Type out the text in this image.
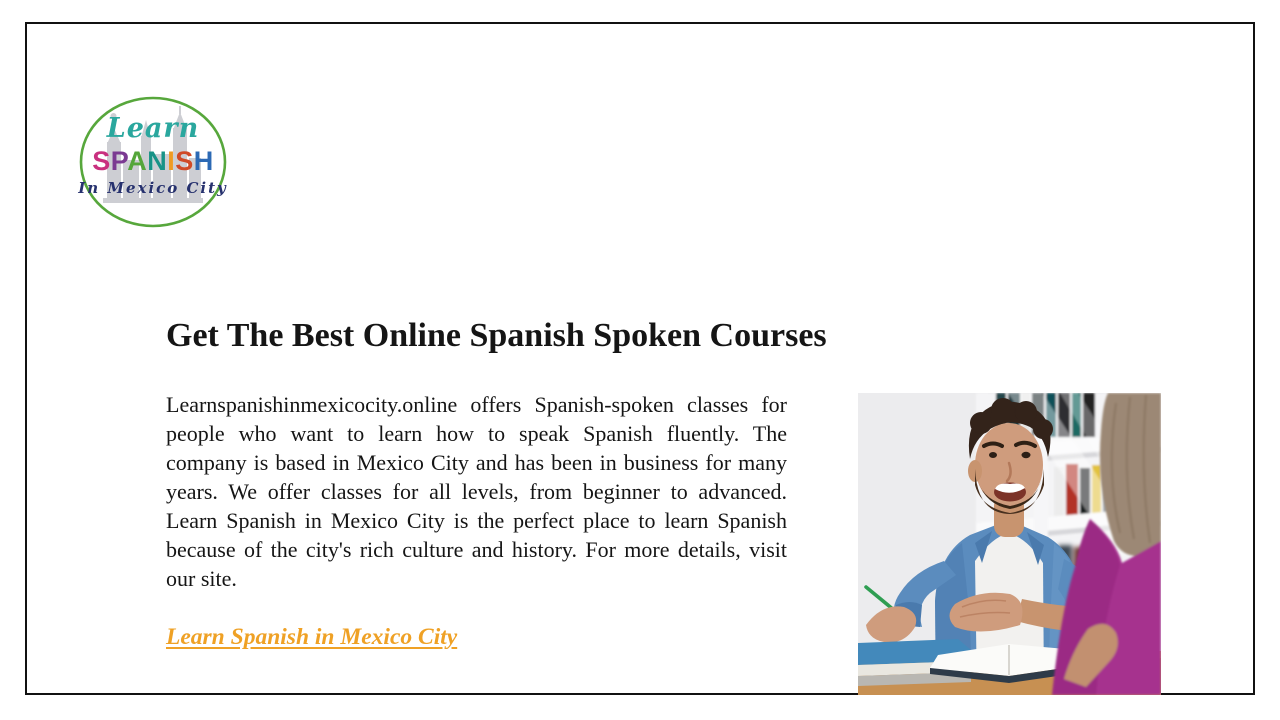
Learn
SPANISH
In Mexico City
Get The Best Online Spanish Spoken Courses

Learnspanishinmexicocity.online offers Spanish-spoken classes for people who want to learn how to speak Spanish fluently. The company is based in Mexico City and has been in business for many years. We offer classes for all levels, from beginner to advanced. Learn Spanish in Mexico City is the perfect place to learn Spanish because of the city's rich culture and history. For more details, visit our site.

Learn Spanish in Mexico City
